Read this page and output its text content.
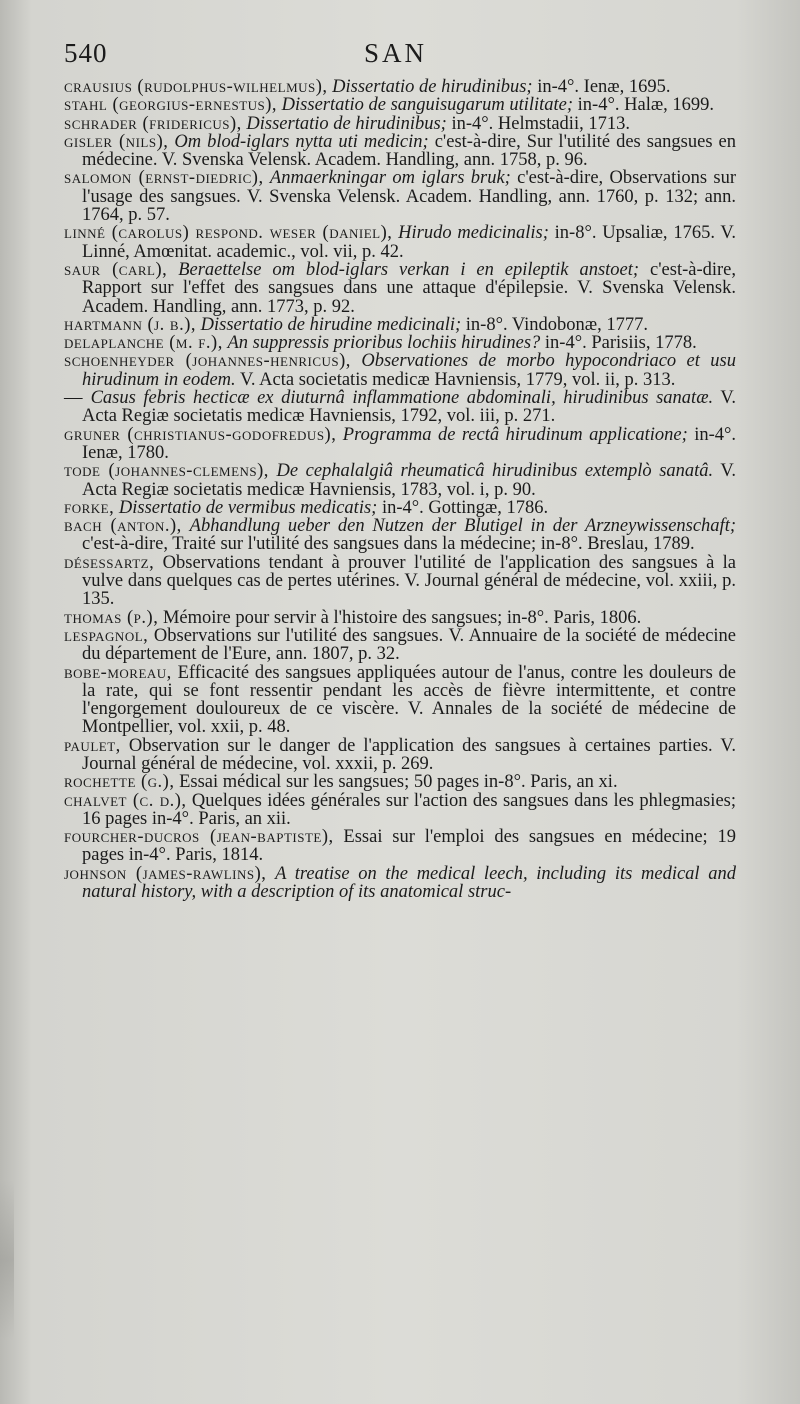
540	SAN

crausius (rudolphus-wilhelmus), Dissertatio de hirudinibus; in-4°. Ienæ, 1695.

stahl (georgius-ernestus), Dissertatio de sanguisugarum utilitate; in-4°. Halæ, 1699.

schrader (fridericus), Dissertatio de hirudinibus; in-4°. Helmstadii, 1713.

gisler (nils), Om blod-iglars nytta uti medicin; c'est-à-dire, Sur l'utilité des sangsues en médecine. V. Svenska Velensk. Academ. Handling, ann. 1758, p. 96.

salomon (ernst-diedric), Anmaerkningar om iglars bruk; c'est-à-dire, Observations sur l'usage des sangsues. V. Svenska Velensk. Academ. Handling, ann. 1760, p. 132; ann. 1764, p. 57.

linné (carolus) respond. weser (daniel), Hirudo medicinalis; in-8°. Upsaliæ, 1765. V. Linné, Amœnitat. academic., vol. vii, p. 42.

saur (carl), Beraettelse om blod-iglars verkan i en epileptik anstoet; c'est-à-dire, Rapport sur l'effet des sangsues dans une attaque d'épilepsie. V. Svenska Velensk. Academ. Handling, ann. 1773, p. 92.

hartmann (j. b.), Dissertatio de hirudine medicinali; in-8°. Vindobonæ, 1777.

delaplanche (m. f.), An suppressis prioribus lochiis hirudines? in-4°. Parisiis, 1778.

schoenheyder (johannes-henricus), Observationes de morbo hypocondriaco et usu hirudinum in eodem. V. Acta societatis medicæ Havniensis, 1779, vol. ii, p. 313.

— Casus febris hecticæ ex diuturnâ inflammatione abdominali, hirudinibus sanatæ. V. Acta Regiæ societatis medicæ Havniensis, 1792, vol. iii, p. 271.

gruner (christianus-godofredus), Programma de rectâ hirudinum applicatione; in-4°. Ienæ, 1780.

tode (johannes-clemens), De cephalalgiâ rheumaticâ hirudinibus extemplò sanatâ. V. Acta Regiæ societatis medicæ Havniensis, 1783, vol. i, p. 90.

forke, Dissertatio de vermibus medicatis; in-4°. Gottingæ, 1786.

bach (anton.), Abhandlung ueber den Nutzen der Blutigel in der Arzneywissenschaft; c'est-à-dire, Traité sur l'utilité des sangsues dans la médecine; in-8°. Breslau, 1789.

désessartz, Observations tendant à prouver l'utilité de l'application des sangsues à la vulve dans quelques cas de pertes utérines. V. Journal général de médecine, vol. xxiii, p. 135.

thomas (p.), Mémoire pour servir à l'histoire des sangsues; in-8°. Paris, 1806.

lespagnol, Observations sur l'utilité des sangsues. V. Annuaire de la société de médecine du département de l'Eure, ann. 1807, p. 32.

bobe-moreau, Efficacité des sangsues appliquées autour de l'anus, contre les douleurs de la rate, qui se font ressentir pendant les accès de fièvre intermittente, et contre l'engorgement douloureux de ce viscère. V. Annales de la société de médecine de Montpellier, vol. xxii, p. 48.

paulet, Observation sur le danger de l'application des sangsues à certaines parties. V. Journal général de médecine, vol. xxxii, p. 269.

rochette (g.), Essai médical sur les sangsues; 50 pages in-8°. Paris, an xi.

chalvet (c. d.), Quelques idées générales sur l'action des sangsues dans les phlegmasies; 16 pages in-4°. Paris, an xii.

fourcher-ducros (jean-baptiste), Essai sur l'emploi des sangsues en médecine; 19 pages in-4°. Paris, 1814.

johnson (james-rawlins), A treatise on the medical leech, including its medical and natural history, with a description of its anatomical struc-
